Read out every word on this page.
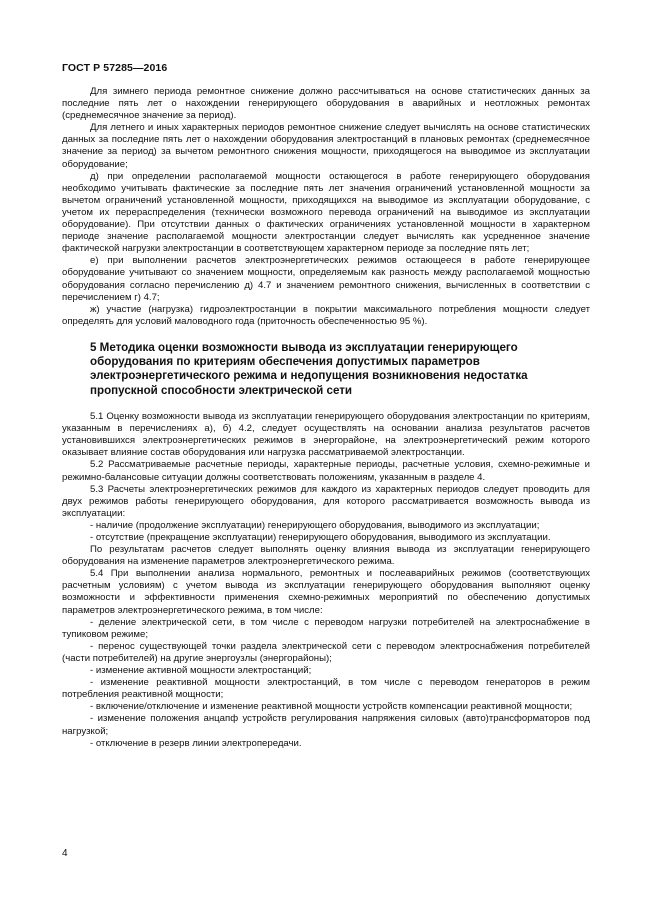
ГОСТ Р 57285—2016

Для зимнего периода ремонтное снижение должно рассчитываться на основе статистических данных за последние пять лет о нахождении генерирующего оборудования в аварийных и неотложных ремонтах (среднемесячное значение за период).

Для летнего и иных характерных периодов ремонтное снижение следует вычислять на основе статистических данных за последние пять лет о нахождении оборудования электростанций в плановых ремонтах (среднемесячное значение за период) за вычетом ремонтного снижения мощности, приходящегося на выводимое из эксплуатации оборудование;

д) при определении располагаемой мощности остающегося в работе генерирующего оборудования необходимо учитывать фактические за последние пять лет значения ограничений установленной мощности за вычетом ограничений установленной мощности, приходящихся на выводимое из эксплуатации оборудование, с учетом их перераспределения (технически возможного перевода ограничений на выводимое из эксплуатации оборудование). При отсутствии данных о фактических ограничениях установленной мощности в характерном периоде значение располагаемой мощности электростанции следует вычислять как усредненное значение фактической нагрузки электростанции в соответствующем характерном периоде за последние пять лет;

е) при выполнении расчетов электроэнергетических режимов остающееся в работе генерирующее оборудование учитывают со значением мощности, определяемым как разность между располагаемой мощностью оборудования согласно перечислению д) 4.7 и значением ремонтного снижения, вычисленных в соответствии с перечислением г) 4.7;

ж) участие (нагрузка) гидроэлектростанции в покрытии максимального потребления мощности следует определять для условий маловодного года (приточность обеспеченностью 95 %).

5 Методика оценки возможности вывода из эксплуатации генерирующего оборудования по критериям обеспечения допустимых параметров электроэнергетического режима и недопущения возникновения недостатка пропускной способности электрической сети

5.1 Оценку возможности вывода из эксплуатации генерирующего оборудования электростанции по критериям, указанным в перечислениях а), б) 4.2, следует осуществлять на основании анализа результатов расчетов установившихся электроэнергетических режимов в энергорайоне, на электроэнергетический режим которого оказывает влияние состав оборудования или нагрузка рассматриваемой электростанции.

5.2 Рассматриваемые расчетные периоды, характерные периоды, расчетные условия, схемно-режимные и режимно-балансовые ситуации должны соответствовать положениям, указанным в разделе 4.

5.3 Расчеты электроэнергетических режимов для каждого из характерных периодов следует проводить для двух режимов работы генерирующего оборудования, для которого рассматривается возможность вывода из эксплуатации:

- наличие (продолжение эксплуатации) генерирующего оборудования, выводимого из эксплуатации;

- отсутствие (прекращение эксплуатации) генерирующего оборудования, выводимого из эксплуатации.

По результатам расчетов следует выполнять оценку влияния вывода из эксплуатации генерирующего оборудования на изменение параметров электроэнергетического режима.

5.4 При выполнении анализа нормального, ремонтных и послеаварийных режимов (соответствующих расчетным условиям) с учетом вывода из эксплуатации генерирующего оборудования выполняют оценку возможности и эффективности применения схемно-режимных мероприятий по обеспечению допустимых параметров электроэнергетического режима, в том числе:

- деление электрической сети, в том числе с переводом нагрузки потребителей на электроснабжение в тупиковом режиме;

- перенос существующей точки раздела электрической сети с переводом электроснабжения потребителей (части потребителей) на другие энергоузлы (энергорайоны);

- изменение активной мощности электростанций;

- изменение реактивной мощности электростанций, в том числе с переводом генераторов в режим потребления реактивной мощности;

- включение/отключение и изменение реактивной мощности устройств компенсации реактивной мощности;

- изменение положения анцапф устройств регулирования напряжения силовых (авто)трансформаторов под нагрузкой;

- отключение в резерв линии электропередачи.

4
